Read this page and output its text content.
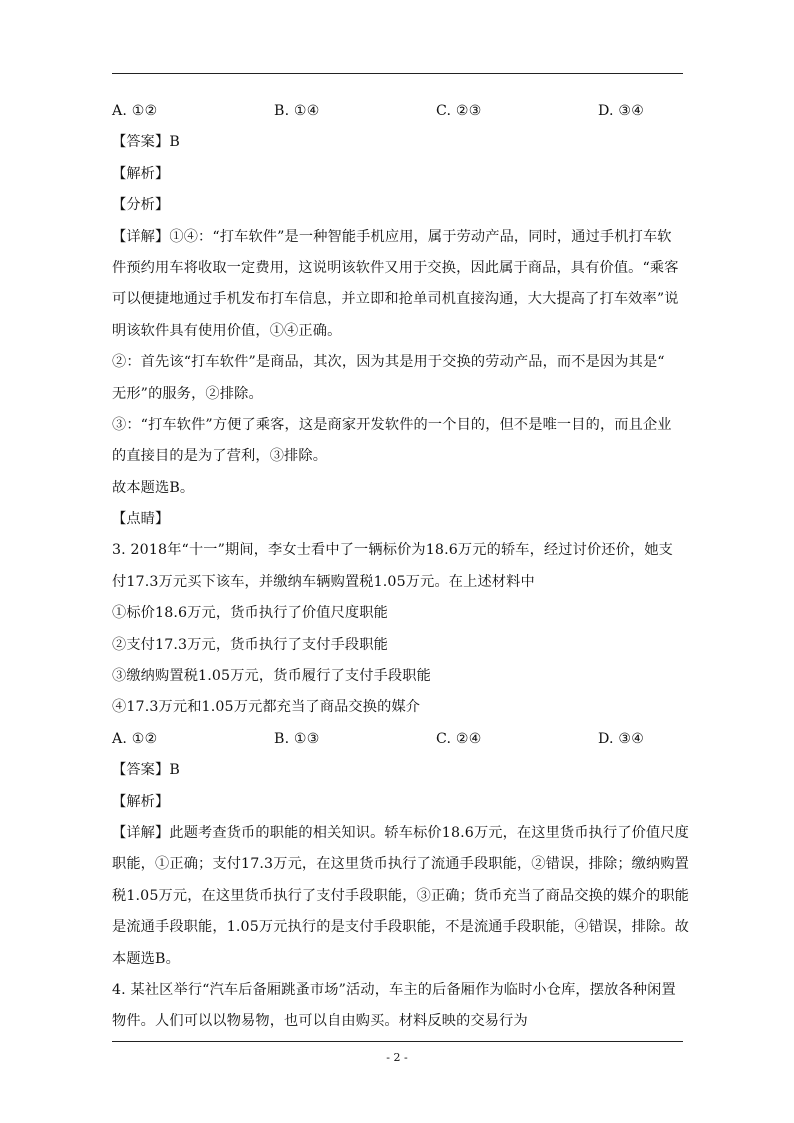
A. ①②	B. ①④	C. ②③	D. ③④
【答案】B
【解析】
【分析】
【详解】①④：“打车软件”是一种智能手机应用，属于劳动产品，同时，通过手机打车软
件预约用车将收取一定费用，这说明该软件又用于交换，因此属于商品，具有价值。“乘客
可以便捷地通过手机发布打车信息，并立即和抢单司机直接沟通，大大提高了打车效率”说
明该软件具有使用价值，①④正确。
②：首先该“打车软件”是商品，其次，因为其是用于交换的劳动产品，而不是因为其是“
无形”的服务，②排除。
③：“打车软件”方便了乘客，这是商家开发软件的一个目的，但不是唯一目的，而且企业
的直接目的是为了营利，③排除。
故本题选B。
【点睛】
3. 2018年“十一”期间，李女士看中了一辆标价为18.6万元的轿车，经过讨价还价，她支
付17.3万元买下该车，并缴纳车辆购置税1.05万元。在上述材料中
①标价18.6万元，货币执行了价值尺度职能
②支付17.3万元，货币执行了支付手段职能
③缴纳购置税1.05万元，货币履行了支付手段职能
④17.3万元和1.05万元都充当了商品交换的媒介
A. ①②	B. ①③	C. ②④	D. ③④
【答案】B
【解析】
【详解】此题考查货币的职能的相关知识。轿车标价18.6万元，在这里货币执行了价值尺度
职能，①正确；支付17.3万元，在这里货币执行了流通手段职能，②错误，排除；缴纳购置
税1.05万元，在这里货币执行了支付手段职能，③正确；货币充当了商品交换的媒介的职能
是流通手段职能，1.05万元执行的是支付手段职能，不是流通手段职能，④错误，排除。故
本题选B。
4. 某社区举行“汽车后备厢跳蚤市场”活动，车主的后备厢作为临时小仓库，摆放各种闲置
物件。人们可以以物易物，也可以自由购买。材料反映的交易行为
- 2 -
